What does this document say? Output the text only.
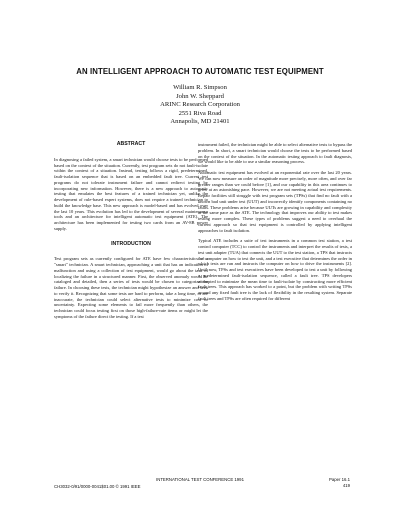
AN INTELLIGENT APPROACH TO AUTOMATIC TEST EQUIPMENT
William R. Simpson
John W. Sheppard
ARINC Research Corporation
2551 Riva Road
Annapolis, MD 21401
ABSTRACT

In diagnosing a failed system, a smart technician would choose tests to be performed based on the context of the situation. Currently, test program sets do not fault-isolate within the context of a situation. Instead, testing follows a rigid, predetermined, fault-isolation sequence that is based on an embedded fault tree. Current test programs do not tolerate instrument failure and cannot redirect testing by incorporating new information. However, there is a new approach to automatic testing that emulates the best features of a trained technician yet, unlike the development of rule-based expert systems, does not require a trained technician to build the knowledge base. This new approach is model-based and has evolved over the last 10 years. This evolution has led to the development of several maintenance tools and an architecture for intelligent automatic test equipment (ATE). The architecture has been implemented for testing two cards from an AV-8B power supply.

INTRODUCTION

Test program sets as currently configured for ATE have few characteristics of a "smart" technician. A smart technician, approaching a unit that has an indication of malfunction and using a collection of test equipment, would go about the task of localizing the failure in a structured manner. First, the observed anomaly would be cataloged and detailed, then a series of tests would be chosen to categorize the failure. In choosing these tests, the technician might hypothesize an answer and seek to verify it. Recognizing that some tests are hard to perform, take a long time, or are inaccurate, the technician could select alternative tests to minimize cost or uncertainty. Expecting some elements to fail more frequently than others, the technician could focus testing first on those high-failure-rate items or might let the symptoms of the failure direct the testing. If a test

instrument failed, the technician might be able to select alternative tests to bypass the problem. In short, a smart technician would choose the tests to be performed based on the context of the situation. In the automatic testing approach to fault diagnosis, we would like to be able to use a similar reasoning process.

Automatic test equipment has evolved at an exponential rate over the last 20 years. We can now measure an order of magnitude more precisely, more often, and over far greater ranges than we could before [1], and our capability in this area continues to grow at an astonishing pace. However, we are not meeting actual test requirements. Repair facilities still struggle with test program sets (TPSs) that find no fault with a known bad unit under test (UUT) and incorrectly identify components containing no faults. These problems arise because UUTs are growing in capability and complexity at the same pace as the ATE. The technology that improves our ability to test makes testing more complex. These types of problems suggest a need to overhaul the current approach so that test equipment is controlled by applying intelligent approaches to fault isolation.

Typical ATE includes a suite of test instruments in a common test station, a test control computer (TCC) to control the instruments and interpret the results of tests, a test unit adapter (TUA) that connects the UUT to the test station, a TPS that instructs the computer on how to test the unit, and a test executive that determines the order in which tests are run and instructs the computer on how to drive the instruments [2]. Until now, TPSs and test executives have been developed to test a unit by following a predetermined fault-isolation sequence, called a fault tree. TPS developers attempted to minimize the mean time to fault-isolate by constructing more efficient fault trees. This approach has worked to a point, but the problem with writing TPSs around any fixed fault tree is the lack of flexibility in the resulting system. Separate fault trees and TPSs are often required for different

INTERNATIONAL TEST CONFERENCE 1991
CH3032-0/91/0000-0041$01.00 © 1991 IEEE
Paper 16.1
419
